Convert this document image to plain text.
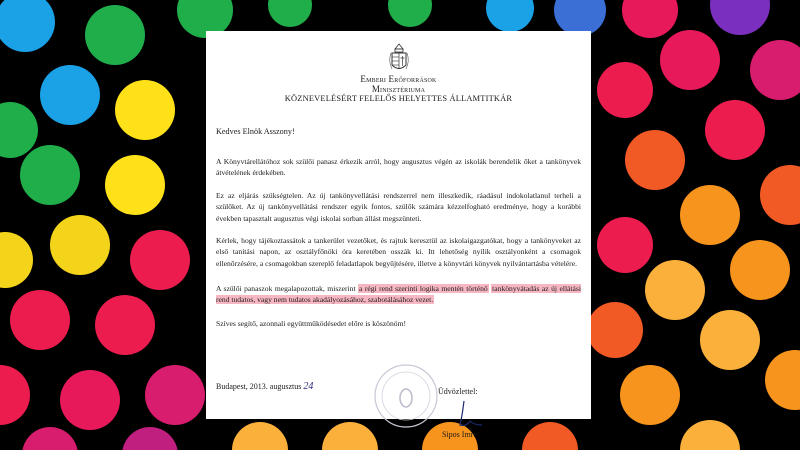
Emberi Erőforrások
Minisztériuma
KÖZNEVELÉSÉRT FELELŐS HELYETTES ÁLLAMTITKÁR
Kedves Elnök Asszony!

A Könyvtárellátóhoz sok szülői panasz érkezik arról, hogy augusztus végén az iskolák berendelik őket a tankönyvek átvételének érdekében.

Ez az eljárás szükségtelen. Az új tankönyvellátási rendszerrel nem illeszkedik, ráadásul indokolatlanul terheli a szülőket. Az új tankönyvellátási rendszer egyik fontos, szülők számára kézzelfogható eredménye, hogy a korábbi években tapasztalt augusztus végi iskolai sorban állást megszünteti.

Kérlek, hogy tájékoztassátok a tankerület vezetőket, és rajtuk keresztül az iskolaigazgatókat, hogy a tankönyveket az első tanítási napon, az osztályfőnöki óra keretében osszák ki. Itt lehetőség nyílik osztályonként a csomagok ellenőrzésére, a csomagokban szereplő feladatlapok begyűjtésére, illetve a könyvtári könyvek nyilvántartásba vételére.

A szülői panaszok megalapozottak, miszerint a régi rend szerinti logika mentén történő tankönyvátadás az új ellátási rend tudatos, vagy nem tudatos akadályozásához, szabotálásához vezet.

Szíves segítő, azonnali együttműködésedet előre is köszönöm!

Budapest, 2013. augusztus 24	Üdvözlettel:
Sipos Imre
